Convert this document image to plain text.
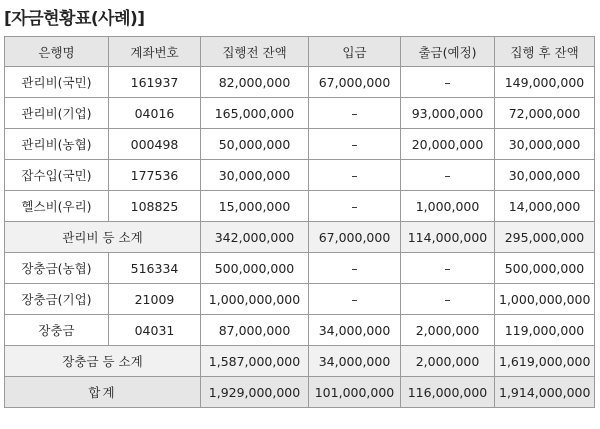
[자금현황표(사례)]
은행명	계좌번호	집행전 잔액	입금	출금(예정)	집행 후 잔액
관리비(국민)	161937	82,000,000	67,000,000	–	149,000,000
관리비(기업)	04016	165,000,000	–	93,000,000	72,000,000
관리비(농협)	000498	50,000,000	–	20,000,000	30,000,000
잡수입(국민)	177536	30,000,000	–	–	30,000,000
헬스비(우리)	108825	15,000,000	–	1,000,000	14,000,000
관리비 등 소계		342,000,000	67,000,000	114,000,000	295,000,000
장충금(농협)	516334	500,000,000	–	–	500,000,000
장충금(기업)	21009	1,000,000,000	–	–	1,000,000,000
장충금	04031	87,000,000	34,000,000	2,000,000	119,000,000
장충금 등 소계		1,587,000,000	34,000,000	2,000,000	1,619,000,000
합계		1,929,000,000	101,000,000	116,000,000	1,914,000,000
